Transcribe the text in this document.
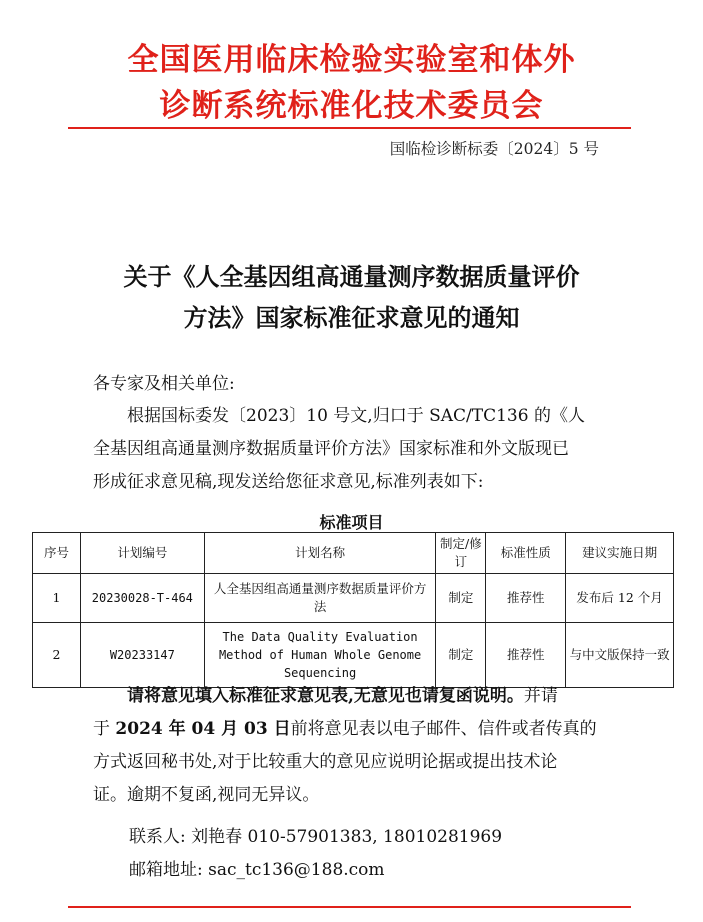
全国医用临床检验实验室和体外
诊断系统标准化技术委员会
国临检诊断标委〔2024〕5 号
关于《人全基因组高通量测序数据质量评价
方法》国家标准征求意见的通知
各专家及相关单位:
根据国标委发〔2023〕10 号文,归口于 SAC/TC136 的《人
全基因组高通量测序数据质量评价方法》国家标准和外文版现已
形成征求意见稿,现发送给您征求意见,标准列表如下:
标准项目
序号	计划编号	计划名称	制定/修订	标准性质	建议实施日期
1	20230028-T-464	人全基因组高通量测序数据质量评价方法	制定	推荐性	发布后 12 个月
2	W20233147	The Data Quality Evaluation Method of Human Whole Genome Sequencing	制定	推荐性	与中文版保持一致
请将意见填入标准征求意见表,无意见也请复函说明。并请
于 2024 年 04 月 03 日前将意见表以电子邮件、信件或者传真的
方式返回秘书处,对于比较重大的意见应说明论据或提出技术论
证。逾期不复函,视同无异议。
联系人: 刘艳春 010-57901383, 18010281969
邮箱地址: sac_tc136@188.com
